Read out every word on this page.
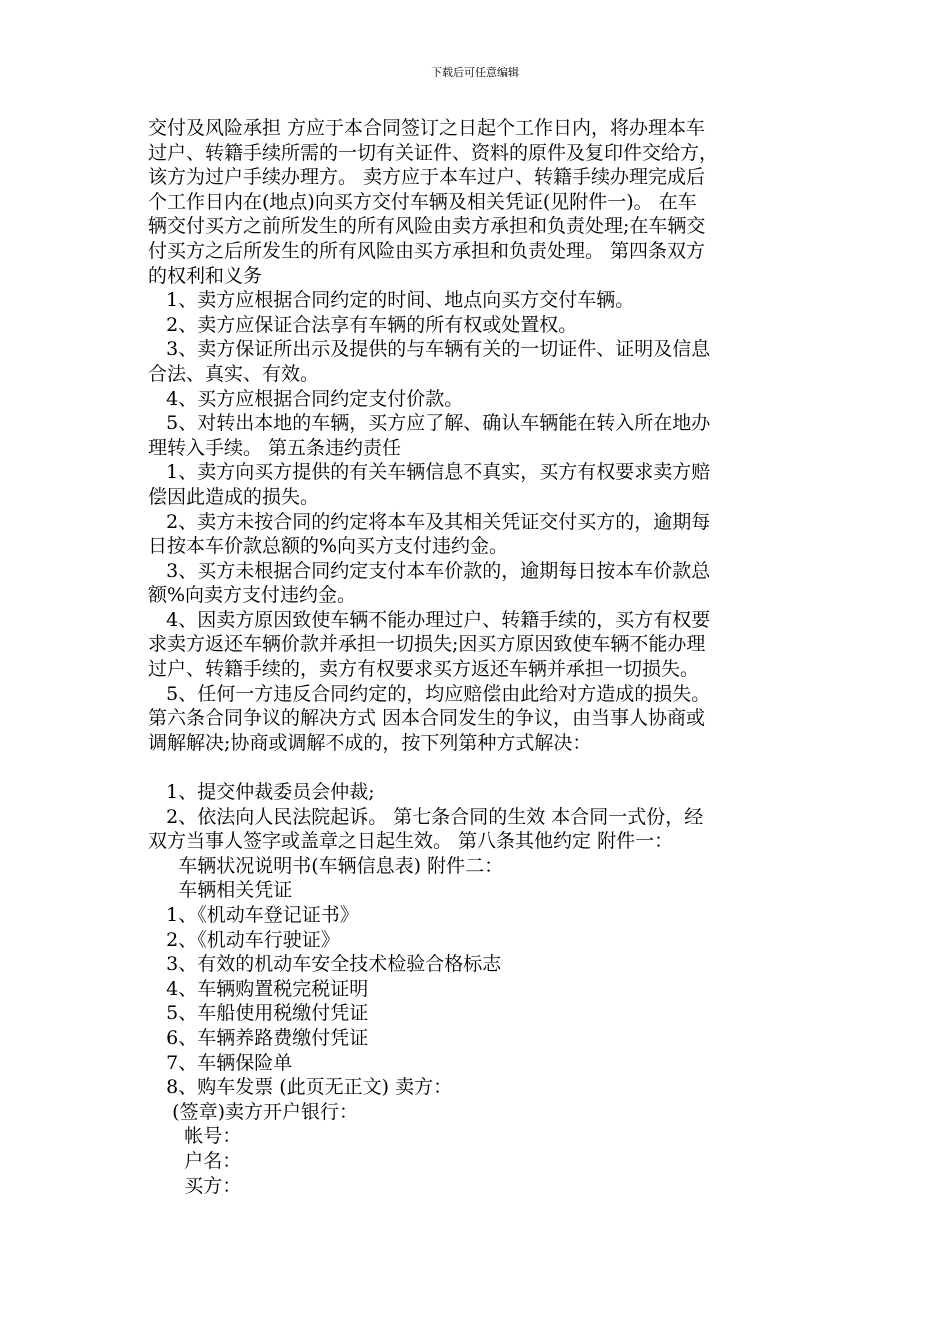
下载后可任意编辑
交付及风险承担 方应于本合同签订之日起个工作日内，将办理本车
过户、转籍手续所需的一切有关证件、资料的原件及复印件交给方，
该方为过户手续办理方。 卖方应于本车过户、转籍手续办理完成后
个工作日内在(地点)向买方交付车辆及相关凭证(见附件一)。 在车
辆交付买方之前所发生的所有风险由卖方承担和负责处理;在车辆交
付买方之后所发生的所有风险由买方承担和负责处理。 第四条双方
的权利和义务
1、卖方应根据合同约定的时间、地点向买方交付车辆。
2、卖方应保证合法享有车辆的所有权或处置权。
3、卖方保证所出示及提供的与车辆有关的一切证件、证明及信息
合法、真实、有效。
4、买方应根据合同约定支付价款。
5、对转出本地的车辆，买方应了解、确认车辆能在转入所在地办
理转入手续。 第五条违约责任
1、卖方向买方提供的有关车辆信息不真实，买方有权要求卖方赔
偿因此造成的损失。
2、卖方未按合同的约定将本车及其相关凭证交付买方的，逾期每
日按本车价款总额的%向买方支付违约金。
3、买方未根据合同约定支付本车价款的，逾期每日按本车价款总
额%向卖方支付违约金。
4、因卖方原因致使车辆不能办理过户、转籍手续的，买方有权要
求卖方返还车辆价款并承担一切损失;因买方原因致使车辆不能办理
过户、转籍手续的，卖方有权要求买方返还车辆并承担一切损失。
5、任何一方违反合同约定的，均应赔偿由此给对方造成的损失。
第六条合同争议的解决方式 因本合同发生的争议，由当事人协商或
调解解决;协商或调解不成的，按下列第种方式解决：
1、提交仲裁委员会仲裁;
2、依法向人民法院起诉。 第七条合同的生效 本合同一式份，经
双方当事人签字或盖章之日起生效。 第八条其他约定 附件一：
车辆状况说明书(车辆信息表) 附件二：
车辆相关凭证
1、《机动车登记证书》
2、《机动车行驶证》
3、有效的机动车安全技术检验合格标志
4、车辆购置税完税证明
5、车船使用税缴付凭证
6、车辆养路费缴付凭证
7、车辆保险单
8、购车发票 (此页无正文) 卖方：
(签章)卖方开户银行：
帐号：
户名：
买方：
